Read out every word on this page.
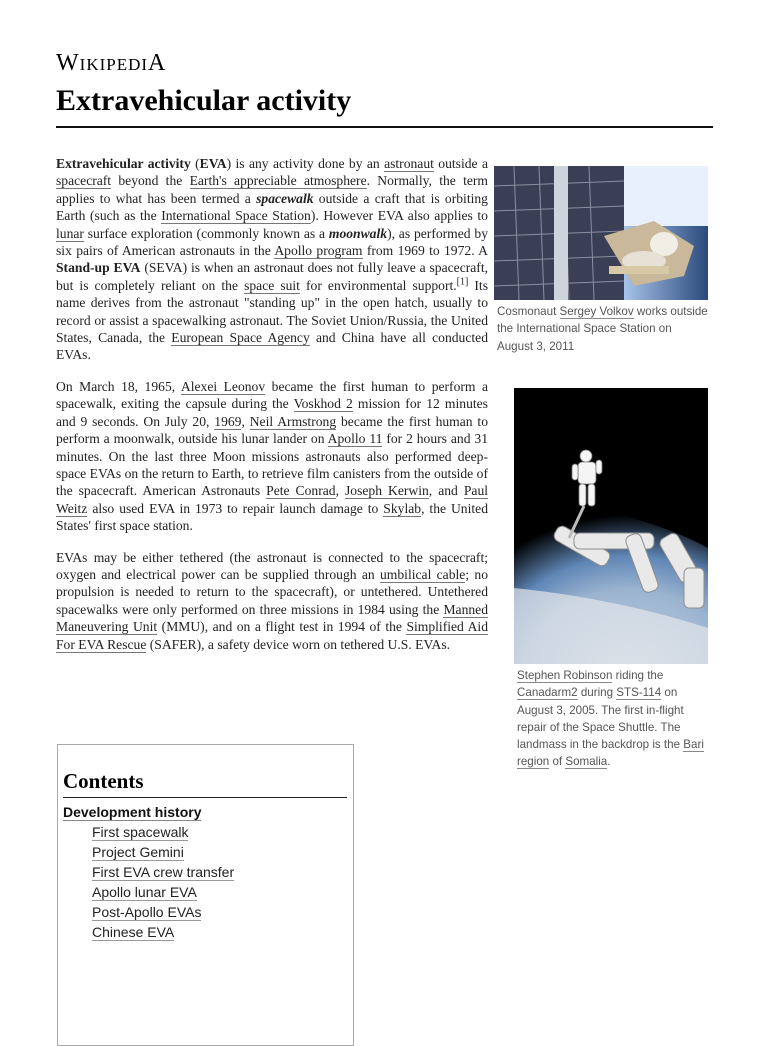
WIKIPEDIA
Extravehicular activity

Extravehicular activity (EVA) is any activity done by an astronaut outside a spacecraft beyond the Earth's appreciable atmosphere. Normally, the term applies to what has been termed a spacewalk outside a craft that is orbiting Earth (such as the International Space Station). However EVA also applies to lunar surface exploration (commonly known as a moonwalk), as performed by six pairs of American astronauts in the Apollo program from 1969 to 1972. A Stand-up EVA (SEVA) is when an astronaut does not fully leave a spacecraft, but is completely reliant on the space suit for environmental support.[1] Its name derives from the astronaut "standing up" in the open hatch, usually to record or assist a spacewalking astronaut. The Soviet Union/Russia, the United States, Canada, the European Space Agency and China have all conducted EVAs.

On March 18, 1965, Alexei Leonov became the first human to perform a spacewalk, exiting the capsule during the Voskhod 2 mission for 12 minutes and 9 seconds. On July 20, 1969, Neil Armstrong became the first human to perform a moonwalk, outside his lunar lander on Apollo 11 for 2 hours and 31 minutes. On the last three Moon missions astronauts also performed deep-space EVAs on the return to Earth, to retrieve film canisters from the outside of the spacecraft. American Astronauts Pete Conrad, Joseph Kerwin, and Paul Weitz also used EVA in 1973 to repair launch damage to Skylab, the United States' first space station.

EVAs may be either tethered (the astronaut is connected to the spacecraft; oxygen and electrical power can be supplied through an umbilical cable; no propulsion is needed to return to the spacecraft), or untethered. Untethered spacewalks were only performed on three missions in 1984 using the Manned Maneuvering Unit (MMU), and on a flight test in 1994 of the Simplified Aid For EVA Rescue (SAFER), a safety device worn on tethered U.S. EVAs.

Cosmonaut Sergey Volkov works outside the International Space Station on August 3, 2011
Stephen Robinson riding the Canadarm2 during STS-114 on August 3, 2005. The first in-flight repair of the Space Shuttle. The landmass in the backdrop is the Bari region of Somalia.
Contents
Development history
First spacewalk
Project Gemini
First EVA crew transfer
Apollo lunar EVA
Post-Apollo EVAs
Chinese EVA
